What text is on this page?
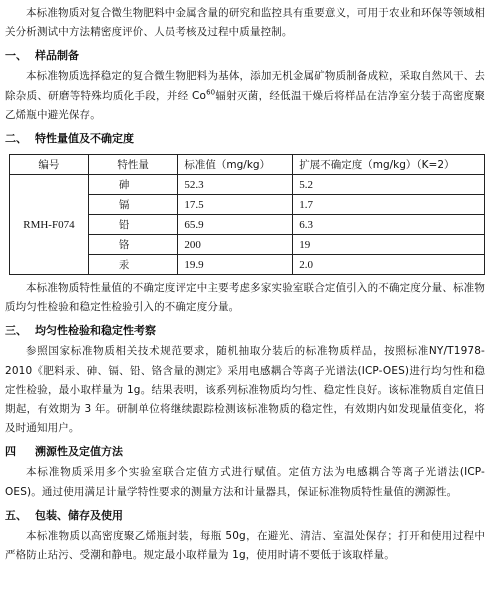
本标准物质对复合微生物肥料中金属含量的研究和监控具有重要意义，可用于农业和环保等领域相关分析测试中方法精密度评价、人员考核及过程中质量控制。

一、 样品制备

本标准物质选择稳定的复合微生物肥料为基体，添加无机金属矿物质制备成粒，采取自然风干、去除杂质、研磨等特殊均质化手段，并经 Co$^{60}$辐射灭菌，经低温干燥后将样品在洁净室分装于高密度聚乙烯瓶中避光保存。

二、 特性量值及不确定度
编号	特性量	标准值（mg/kg）	扩展不确定度（mg/kg）（K=2）
RMH-F074	砷	52.3	5.2
	镉	17.5	1.7
	铅	65.9	6.3
	铬	200	19
	汞	19.9	2.0

本标准物质特性量值的不确定度评定中主要考虑多家实验室联合定值引入的不确定度分量、标准物质均匀性检验和稳定性检验引入的不确定度分量。

三、 均匀性检验和稳定性考察

参照国家标准物质相关技术规范要求，随机抽取分装后的标准物质样品，按照标准NY/T1978-2010《肥料汞、砷、镉、铅、铬含量的测定》采用电感耦合等离子光谱法(ICP-OES)进行均匀性和稳定性检验，最小取样量为 1g。结果表明，该系列标准物质均匀性、稳定性良好。该标准物质自定值日期起，有效期为 3 年。研制单位将继续跟踪检测该标准物质的稳定性，有效期内如发现量值变化，将及时通知用户。

四	溯源性及定值方法

本标准物质采用多个实验室联合定值方式进行赋值。定值方法为电感耦合等离子光谱法(ICP-OES)。通过使用满足计量学特性要求的测量方法和计量器具，保证标准物质特性量值的溯源性。

五、 包装、储存及使用

本标准物质以高密度聚乙烯瓶封装，每瓶 50g，在避光、清洁、室温处保存；打开和使用过程中严格防止玷污、受潮和静电。规定最小取样量为 1g，使用时请不要低于该取样量。
